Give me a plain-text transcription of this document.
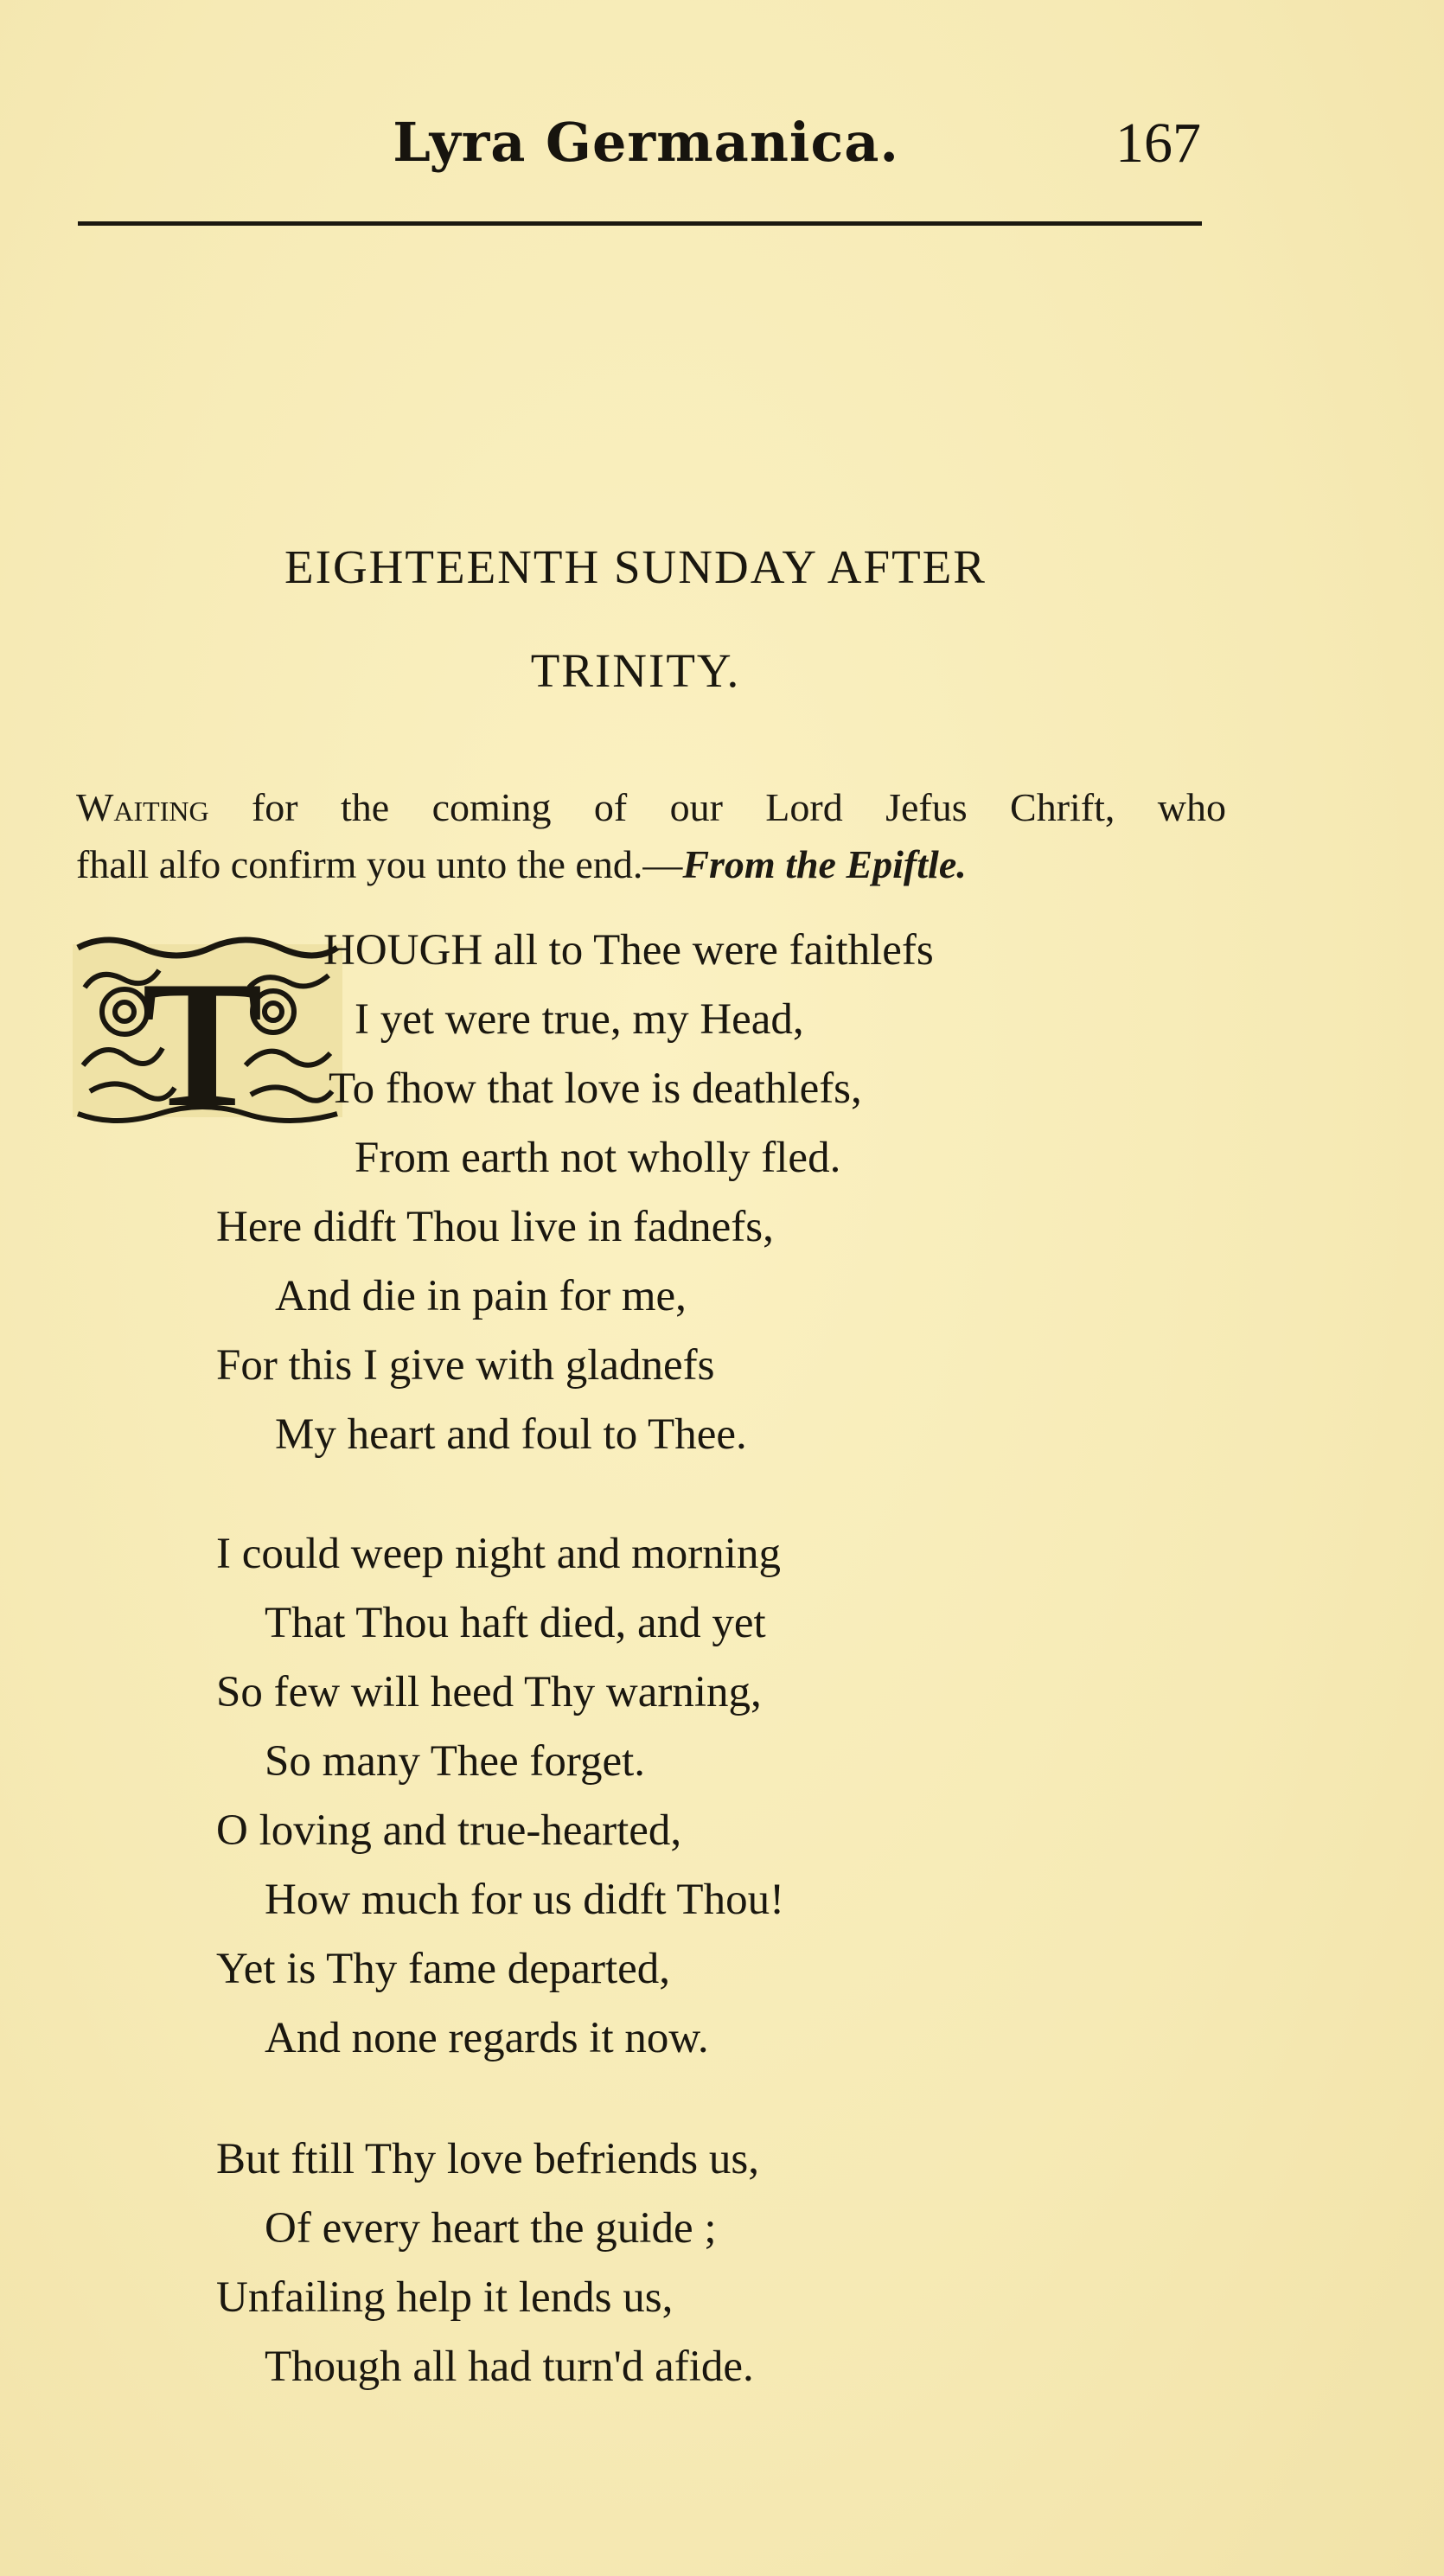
Lyra Germanica.	167
EIGHTEENTH SUNDAY AFTER
TRINITY.
Waiting for the coming of our Lord Jefus Chrift, who
fhall alfo confirm you unto the end.—From the Epiftle.
T HOUGH all to Thee were faithlefs
I yet were true, my Head,
To fhow that love is deathlefs,
From earth not wholly fled.
Here didft Thou live in fadnefs,
And die in pain for me,
For this I give with gladnefs
My heart and foul to Thee.
I could weep night and morning
That Thou haft died, and yet
So few will heed Thy warning,
So many Thee forget.
O loving and true-hearted,
How much for us didft Thou!
Yet is Thy fame departed,
And none regards it now.
But ftill Thy love befriends us,
Of every heart the guide ;
Unfailing help it lends us,
Though all had turn'd afide.
